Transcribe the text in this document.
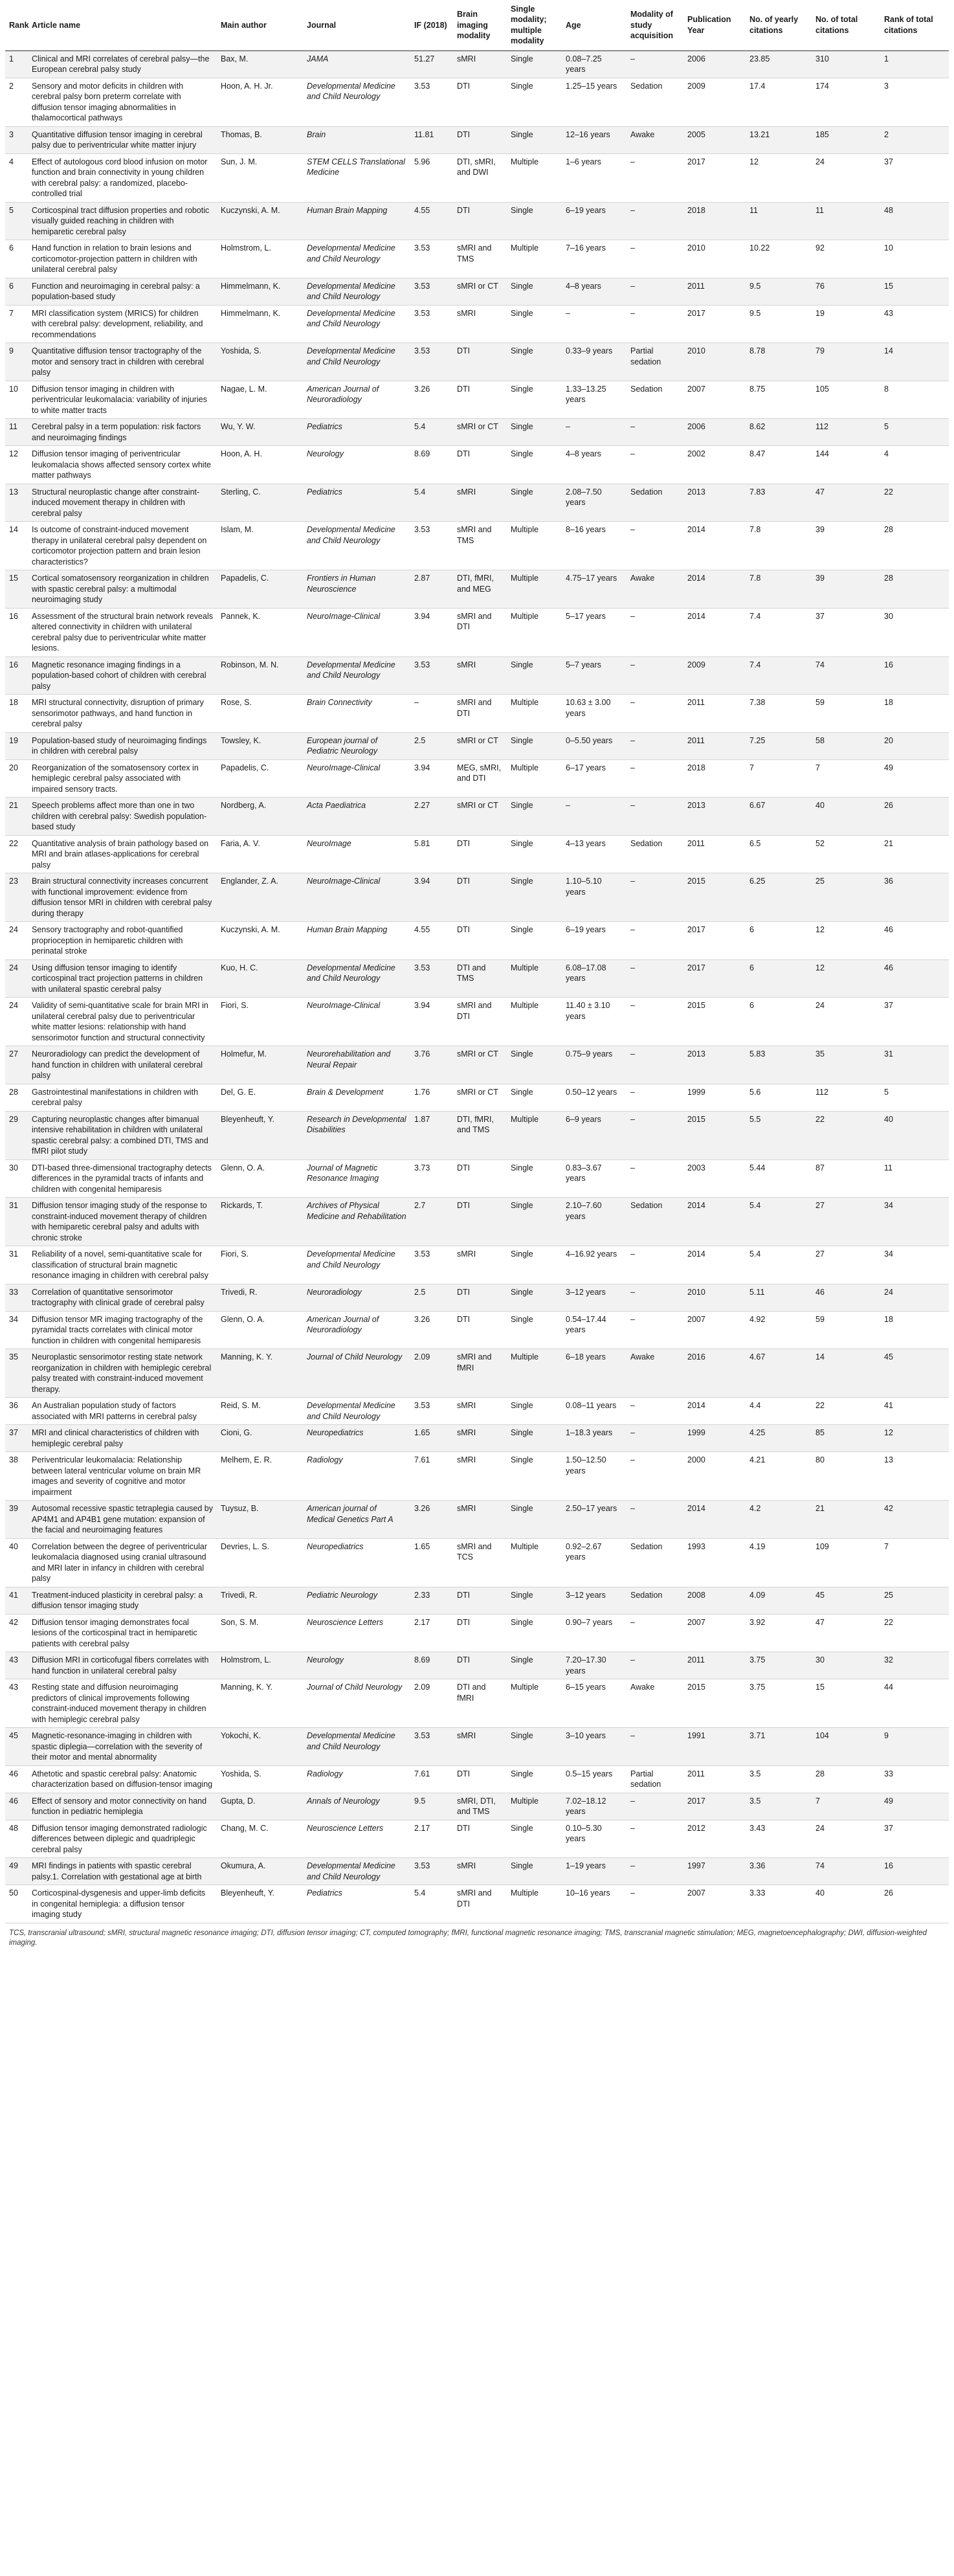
Rank	Article name	Main author	Journal	IF (2018)	Brain imaging modality	Single modality; multiple modality	Age	Modality of study acquisition	Publication Year	No. of yearly citations	No. of total citations	Rank of total citations
1	Clinical and MRI correlates of cerebral palsy—the European cerebral palsy study	Bax, M.	JAMA	51.27	sMRI	Single	0.08–7.25 years	–	2006	23.85	310	1
2	Sensory and motor deficits in children with cerebral palsy born preterm correlate with diffusion tensor imaging abnormalities in thalamocortical pathways	Hoon, A. H. Jr.	Developmental Medicine and Child Neurology	3.53	DTI	Single	1.25–15 years	Sedation	2009	17.4	174	3
3	Quantitative diffusion tensor imaging in cerebral palsy due to periventricular white matter injury	Thomas, B.	Brain	11.81	DTI	Single	12–16 years	Awake	2005	13.21	185	2
4	Effect of autologous cord blood infusion on motor function and brain connectivity in young children with cerebral palsy: a randomized, placebo-controlled trial	Sun, J. M.	STEM CELLS Translational Medicine	5.96	DTI, sMRI, and DWI	Multiple	1–6 years	–	2017	12	24	37
5	Corticospinal tract diffusion properties and robotic visually guided reaching in children with hemiparetic cerebral palsy	Kuczynski, A. M.	Human Brain Mapping	4.55	DTI	Single	6–19 years	–	2018	11	11	48
6	Hand function in relation to brain lesions and corticomotor-projection pattern in children with unilateral cerebral palsy	Holmstrom, L.	Developmental Medicine and Child Neurology	3.53	sMRI and TMS	Multiple	7–16 years	–	2010	10.22	92	10
6	Function and neuroimaging in cerebral palsy: a population-based study	Himmelmann, K.	Developmental Medicine and Child Neurology	3.53	sMRI or CT	Single	4–8 years	–	2011	9.5	76	15
7	MRI classification system (MRICS) for children with cerebral palsy: development, reliability, and recommendations	Himmelmann, K.	Developmental Medicine and Child Neurology	3.53	sMRI	Single	–	–	2017	9.5	19	43
9	Quantitative diffusion tensor tractography of the motor and sensory tract in children with cerebral palsy	Yoshida, S.	Developmental Medicine and Child Neurology	3.53	DTI	Single	0.33–9 years	Partial sedation	2010	8.78	79	14
10	Diffusion tensor imaging in children with periventricular leukomalacia: variability of injuries to white matter tracts	Nagae, L. M.	American Journal of Neuroradiology	3.26	DTI	Single	1.33–13.25 years	Sedation	2007	8.75	105	8
11	Cerebral palsy in a term population: risk factors and neuroimaging findings	Wu, Y. W.	Pediatrics	5.4	sMRI or CT	Single	–	–	2006	8.62	112	5
12	Diffusion tensor imaging of periventricular leukomalacia shows affected sensory cortex white matter pathways	Hoon, A. H.	Neurology	8.69	DTI	Single	4–8 years	–	2002	8.47	144	4
13	Structural neuroplastic change after constraint-induced movement therapy in children with cerebral palsy	Sterling, C.	Pediatrics	5.4	sMRI	Single	2.08–7.50 years	Sedation	2013	7.83	47	22
14	Is outcome of constraint-induced movement therapy in unilateral cerebral palsy dependent on corticomotor projection pattern and brain lesion characteristics?	Islam, M.	Developmental Medicine and Child Neurology	3.53	sMRI and TMS	Multiple	8–16 years	–	2014	7.8	39	28
15	Cortical somatosensory reorganization in children with spastic cerebral palsy: a multimodal neuroimaging study	Papadelis, C.	Frontiers in Human Neuroscience	2.87	DTI, fMRI, and MEG	Multiple	4.75–17 years	Awake	2014	7.8	39	28
16	Assessment of the structural brain network reveals altered connectivity in children with unilateral cerebral palsy due to periventricular white matter lesions.	Pannek, K.	NeuroImage-Clinical	3.94	sMRI and DTI	Multiple	5–17 years	–	2014	7.4	37	30
16	Magnetic resonance imaging findings in a population-based cohort of children with cerebral palsy	Robinson, M. N.	Developmental Medicine and Child Neurology	3.53	sMRI	Single	5–7 years	–	2009	7.4	74	16
18	MRI structural connectivity, disruption of primary sensorimotor pathways, and hand function in cerebral palsy	Rose, S.	Brain Connectivity	–	sMRI and DTI	Multiple	10.63 ± 3.00 years	–	2011	7.38	59	18
19	Population-based study of neuroimaging findings in children with cerebral palsy	Towsley, K.	European journal of Pediatric Neurology	2.5	sMRI or CT	Single	0–5.50 years	–	2011	7.25	58	20
20	Reorganization of the somatosensory cortex in hemiplegic cerebral palsy associated with impaired sensory tracts.	Papadelis, C.	NeuroImage-Clinical	3.94	MEG, sMRI, and DTI	Multiple	6–17 years	–	2018	7	7	49
21	Speech problems affect more than one in two children with cerebral palsy: Swedish population-based study	Nordberg, A.	Acta Paediatrica	2.27	sMRI or CT	Single	–	–	2013	6.67	40	26
22	Quantitative analysis of brain pathology based on MRI and brain atlases-applications for cerebral palsy	Faria, A. V.	NeuroImage	5.81	DTI	Single	4–13 years	Sedation	2011	6.5	52	21
23	Brain structural connectivity increases concurrent with functional improvement: evidence from diffusion tensor MRI in children with cerebral palsy during therapy	Englander, Z. A.	NeuroImage-Clinical	3.94	DTI	Single	1.10–5.10 years	–	2015	6.25	25	36
24	Sensory tractography and robot-quantified proprioception in hemiparetic children with perinatal stroke	Kuczynski, A. M.	Human Brain Mapping	4.55	DTI	Single	6–19 years	–	2017	6	12	46
24	Using diffusion tensor imaging to identify corticospinal tract projection patterns in children with unilateral spastic cerebral palsy	Kuo, H. C.	Developmental Medicine and Child Neurology	3.53	DTI and TMS	Multiple	6.08–17.08 years	–	2017	6	12	46
24	Validity of semi-quantitative scale for brain MRI in unilateral cerebral palsy due to periventricular white matter lesions: relationship with hand sensorimotor function and structural connectivity	Fiori, S.	NeuroImage-Clinical	3.94	sMRI and DTI	Multiple	11.40 ± 3.10 years	–	2015	6	24	37
27	Neuroradiology can predict the development of hand function in children with unilateral cerebral palsy	Holmefur, M.	Neurorehabilitation and Neural Repair	3.76	sMRI or CT	Single	0.75–9 years	–	2013	5.83	35	31
28	Gastrointestinal manifestations in children with cerebral palsy	Del, G. E.	Brain & Development	1.76	sMRI or CT	Single	0.50–12 years	–	1999	5.6	112	5
29	Capturing neuroplastic changes after bimanual intensive rehabilitation in children with unilateral spastic cerebral palsy: a combined DTI, TMS and fMRI pilot study	Bleyenheuft, Y.	Research in Developmental Disabilities	1.87	DTI, fMRI, and TMS	Multiple	6–9 years	–	2015	5.5	22	40
30	DTI-based three-dimensional tractography detects differences in the pyramidal tracts of infants and children with congenital hemiparesis	Glenn, O. A.	Journal of Magnetic Resonance Imaging	3.73	DTI	Single	0.83–3.67 years	–	2003	5.44	87	11
31	Diffusion tensor imaging study of the response to constraint-induced movement therapy of children with hemiparetic cerebral palsy and adults with chronic stroke	Rickards, T.	Archives of Physical Medicine and Rehabilitation	2.7	DTI	Single	2.10–7.60 years	Sedation	2014	5.4	27	34
31	Reliability of a novel, semi-quantitative scale for classification of structural brain magnetic resonance imaging in children with cerebral palsy	Fiori, S.	Developmental Medicine and Child Neurology	3.53	sMRI	Single	4–16.92 years	–	2014	5.4	27	34
33	Correlation of quantitative sensorimotor tractography with clinical grade of cerebral palsy	Trivedi, R.	Neuroradiology	2.5	DTI	Single	3–12 years	–	2010	5.11	46	24
34	Diffusion tensor MR imaging tractography of the pyramidal tracts correlates with clinical motor function in children with congenital hemiparesis	Glenn, O. A.	American Journal of Neuroradiology	3.26	DTI	Single	0.54–17.44 years	–	2007	4.92	59	18
35	Neuroplastic sensorimotor resting state network reorganization in children with hemiplegic cerebral palsy treated with constraint-induced movement therapy.	Manning, K. Y.	Journal of Child Neurology	2.09	sMRI and fMRI	Multiple	6–18 years	Awake	2016	4.67	14	45
36	An Australian population study of factors associated with MRI patterns in cerebral palsy	Reid, S. M.	Developmental Medicine and Child Neurology	3.53	sMRI	Single	0.08–11 years	–	2014	4.4	22	41
37	MRI and clinical characteristics of children with hemiplegic cerebral palsy	Cioni, G.	Neuropediatrics	1.65	sMRI	Single	1–18.3 years	–	1999	4.25	85	12
38	Periventricular leukomalacia: Relationship between lateral ventricular volume on brain MR images and severity of cognitive and motor impairment	Melhem, E. R.	Radiology	7.61	sMRI	Single	1.50–12.50 years	–	2000	4.21	80	13
39	Autosomal recessive spastic tetraplegia caused by AP4M1 and AP4B1 gene mutation: expansion of the facial and neuroimaging features	Tuysuz, B.	American journal of Medical Genetics Part A	3.26	sMRI	Single	2.50–17 years	–	2014	4.2	21	42
40	Correlation between the degree of periventricular leukomalacia diagnosed using cranial ultrasound and MRI later in infancy in children with cerebral palsy	Devries, L. S.	Neuropediatrics	1.65	sMRI and TCS	Multiple	0.92–2.67 years	Sedation	1993	4.19	109	7
41	Treatment-induced plasticity in cerebral palsy: a diffusion tensor imaging study	Trivedi, R.	Pediatric Neurology	2.33	DTI	Single	3–12 years	Sedation	2008	4.09	45	25
42	Diffusion tensor imaging demonstrates focal lesions of the corticospinal tract in hemiparetic patients with cerebral palsy	Son, S. M.	Neuroscience Letters	2.17	DTI	Single	0.90–7 years	–	2007	3.92	47	22
43	Diffusion MRI in corticofugal fibers correlates with hand function in unilateral cerebral palsy	Holmstrom, L.	Neurology	8.69	DTI	Single	7.20–17.30 years	–	2011	3.75	30	32
43	Resting state and diffusion neuroimaging predictors of clinical improvements following constraint-induced movement therapy in children with hemiplegic cerebral palsy	Manning, K. Y.	Journal of Child Neurology	2.09	DTI and fMRI	Multiple	6–15 years	Awake	2015	3.75	15	44
45	Magnetic-resonance-imaging in children with spastic diplegia—correlation with the severity of their motor and mental abnormality	Yokochi, K.	Developmental Medicine and Child Neurology	3.53	sMRI	Single	3–10 years	–	1991	3.71	104	9
46	Athetotic and spastic cerebral palsy: Anatomic characterization based on diffusion-tensor imaging	Yoshida, S.	Radiology	7.61	DTI	Single	0.5–15 years	Partial sedation	2011	3.5	28	33
46	Effect of sensory and motor connectivity on hand function in pediatric hemiplegia	Gupta, D.	Annals of Neurology	9.5	sMRI, DTI, and TMS	Multiple	7.02–18.12 years	–	2017	3.5	7	49
48	Diffusion tensor imaging demonstrated radiologic differences between diplegic and quadriplegic cerebral palsy	Chang, M. C.	Neuroscience Letters	2.17	DTI	Single	0.10–5.30 years	–	2012	3.43	24	37
49	MRI findings in patients with spastic cerebral palsy.1. Correlation with gestational age at birth	Okumura, A.	Developmental Medicine and Child Neurology	3.53	sMRI	Single	1–19 years	–	1997	3.36	74	16
50	Corticospinal-dysgenesis and upper-limb deficits in congenital hemiplegia: a diffusion tensor imaging study	Bleyenheuft, Y.	Pediatrics	5.4	sMRI and DTI	Multiple	10–16 years	–	2007	3.33	40	26
TCS, transcranial ultrasound; sMRI, structural magnetic resonance imaging; DTI, diffusion tensor imaging; CT, computed tomography; fMRI, functional magnetic resonance imaging; TMS, transcranial magnetic stimulation; MEG, magnetoencephalography; DWI, diffusion-weighted imaging.
